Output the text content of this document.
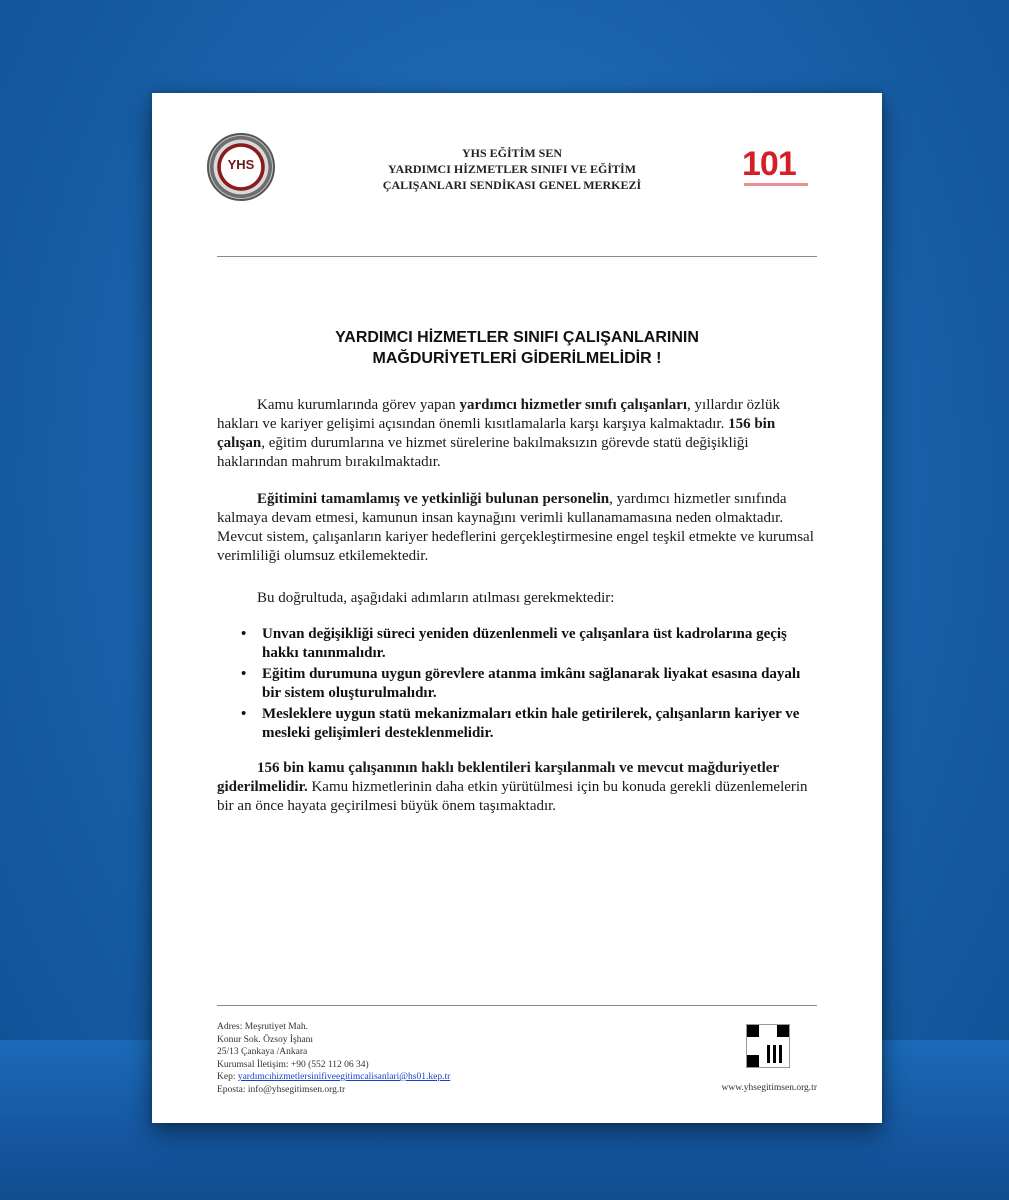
YHS
YHS EĞİTİM SEN
YARDIMCI HİZMETLER SINIFI VE EĞİTİM
ÇALIŞANLARI SENDİKASI GENEL MERKEZİ
101
YARDIMCI HİZMETLER SINIFI ÇALIŞANLARININ
MAĞDURİYETLERİ GİDERİLMELİDİR !

Kamu kurumlarında görev yapan yardımcı hizmetler sınıfı çalışanları, yıllardır özlük hakları ve kariyer gelişimi açısından önemli kısıtlamalarla karşı karşıya kalmaktadır. 156 bin çalışan, eğitim durumlarına ve hizmet sürelerine bakılmaksızın görevde statü değişikliği haklarından mahrum bırakılmaktadır.

Eğitimini tamamlamış ve yetkinliği bulunan personelin, yardımcı hizmetler sınıfında kalmaya devam etmesi, kamunun insan kaynağını verimli kullanamamasına neden olmaktadır. Mevcut sistem, çalışanların kariyer hedeflerini gerçekleştirmesine engel teşkil etmekte ve kurumsal verimliliği olumsuz etkilemektedir.

Bu doğrultuda, aşağıdaki adımların atılması gerekmektedir:

• Unvan değişikliği süreci yeniden düzenlenmeli ve çalışanlara üst kadrolarına geçiş hakkı tanınmalıdır.
• Eğitim durumuna uygun görevlere atanma imkânı sağlanarak liyakat esasına dayalı bir sistem oluşturulmalıdır.
• Mesleklere uygun statü mekanizmaları etkin hale getirilerek, çalışanların kariyer ve mesleki gelişimleri desteklenmelidir.

156 bin kamu çalışanının haklı beklentileri karşılanmalı ve mevcut mağduriyetler giderilmelidir. Kamu hizmetlerinin daha etkin yürütülmesi için bu konuda gerekli düzenlemelerin bir an önce hayata geçirilmesi büyük önem taşımaktadır.

Adres: Meşrutiyet Mah.
Konur Sok. Özsoy İşhanı
25/13 Çankaya /Ankara
Kurumsal İletişim: +90 (552 112 06 34)
Kep: yardımcıhizmetlersinifiveegitimcalisanlari@hs01.kep.tr
Eposta: info@yhsegitimsen.org.tr	www.yhsegitimsen.org.tr
